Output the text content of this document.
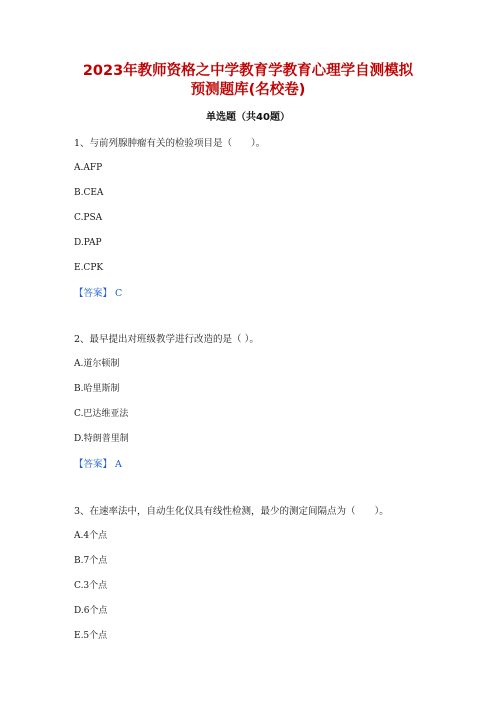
2023年教师资格之中学教育学教育心理学自测模拟
预测题库(名校卷)
单选题（共40题）
1、与前列腺肿瘤有关的检验项目是（　　）。
A.AFP
B.CEA
C.PSA
D.PAP
E.CPK
【答案】 C
2、最早提出对班级教学进行改造的是（ ）。
A.道尔顿制
B.哈里斯制
C.巴达维亚法
D.特朗普里制
【答案】 A
3、在速率法中，自动生化仪具有线性检测，最少的测定间隔点为（　　）。
A.4个点
B.7个点
C.3个点
D.6个点
E.5个点
